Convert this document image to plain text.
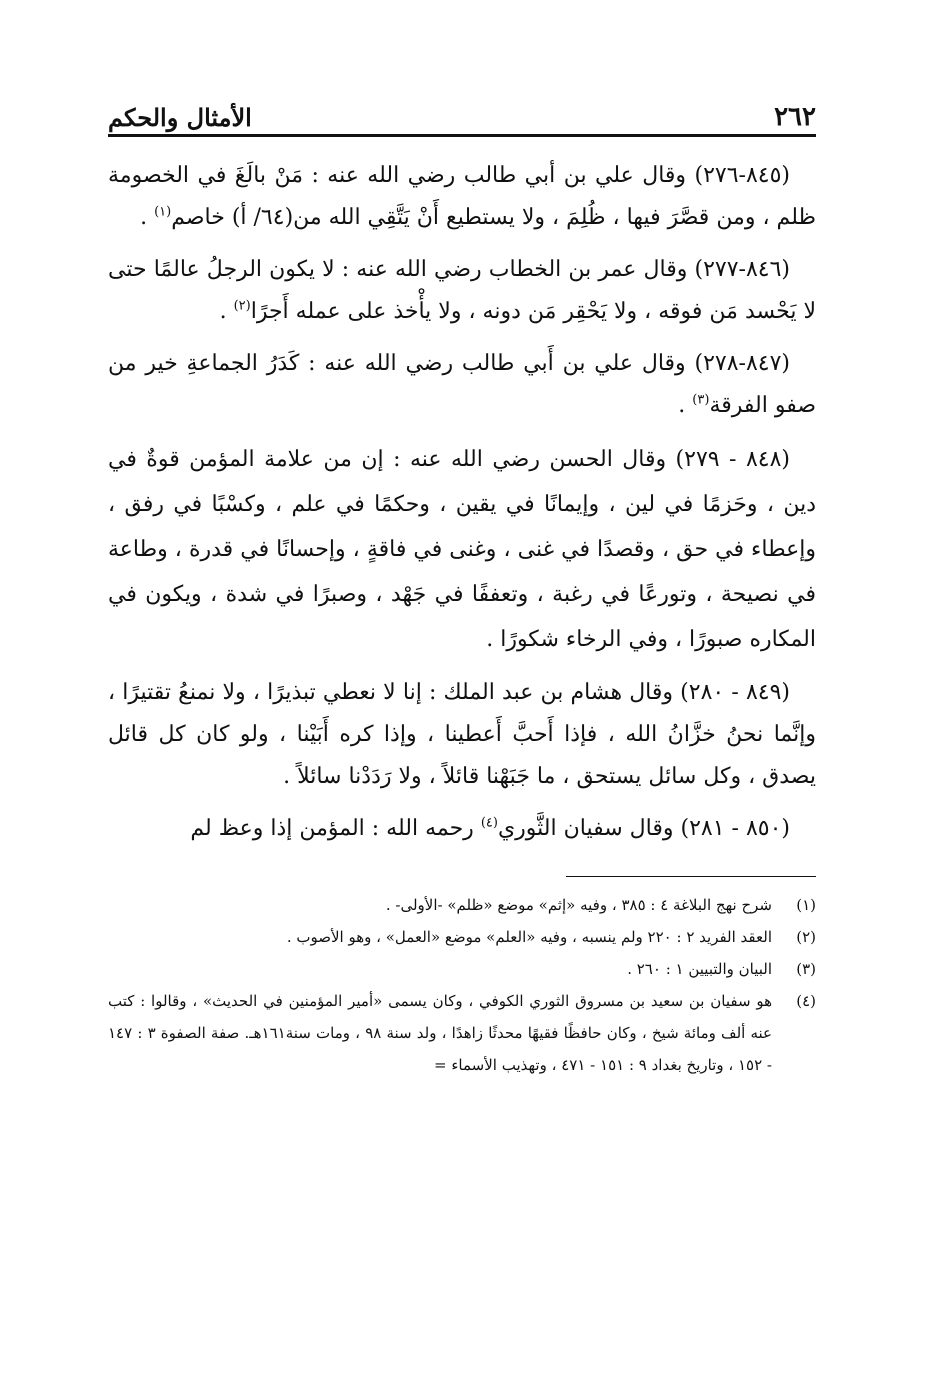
٢٦٢
الأمثال والحكم

(٨٤٥-٢٧٦) وقال علي بن أبي طالب رضي الله عنه : مَنْ بالَغَ في الخصومة ظلم ، ومن قصَّرَ فيها ، ظُلِمَ ، ولا يستطيع أَنْ يَتَّقِي الله من(٦٤/ أ) خاصم$^{(١)}$ .

(٨٤٦-٢٧٧) وقال عمر بن الخطاب رضي الله عنه : لا يكون الرجلُ عالمًا حتى لا يَحْسد مَن فوقه ، ولا يَحْقِر مَن دونه ، ولا يأْخذ على عمله أَجرًا$^{(٢)}$ .

(٨٤٧-٢٧٨) وقال علي بن أَبي طالب رضي الله عنه : كَدَرُ الجماعةِ خير من صفو الفرقة$^{(٣)}$ .

(٨٤٨ - ٢٧٩) وقال الحسن رضي الله عنه : إن من علامة المؤمن قوةٌ في دين ، وحَزمًا في لين ، وإيمانًا في يقين ، وحكمًا في علم ، وكسْبًا في رفق ، وإعطاء في حق ، وقصدًا في غنى ، وغنى في فاقةٍ ، وإحسانًا في قدرة ، وطاعة في نصيحة ، وتورعًا في رغبة ، وتعففًا في جَهْد ، وصبرًا في شدة ، ويكون في المكاره صبورًا ، وفي الرخاء شكورًا .

(٨٤٩ - ٢٨٠) وقال هشام بن عبد الملك : إنا لا نعطي تبذيرًا ، ولا نمنعُ تقتيرًا ، وإنَّما نحنُ خزَّانُ الله ، فإذا أَحبَّ أَعطينا ، وإذا كره أَبَيْنا ، ولو كان كل قائل يصدق ، وكل سائل يستحق ، ما جَبَهْنا قائلاً ، ولا رَدَدْنا سائلاً .

(٨٥٠ - ٢٨١) وقال سفيان الثَّوري$^{(٤)}$ رحمه الله : المؤمن إذا وعظ لم

(١)
شرح نهج البلاغة ٤ : ٣٨٥ ، وفيه «إثم» موضع «ظلم» -الأولى- .
(٢)
العقد الفريد ٢ : ٢٢٠ ولم ينسبه ، وفيه «العلم» موضع «العمل» ، وهو الأصوب .
(٣)
البيان والتبيين ١ : ٢٦٠ .
(٤)
هو سفيان بن سعيد بن مسروق الثوري الكوفي ، وكان يسمى «أمير المؤمنين في الحديث» ، وقالوا : كتب عنه ألف ومائة شيخ ، وكان حافظًا فقيهًا محدثًا زاهدًا ، ولد سنة ٩٨ ، ومات سنة١٦١هـ. صفة الصفوة ٣ : ١٤٧ - ١٥٢ ، وتاريخ بغداد ٩ : ١٥١ - ٤٧١ ، وتهذيب الأسماء =
